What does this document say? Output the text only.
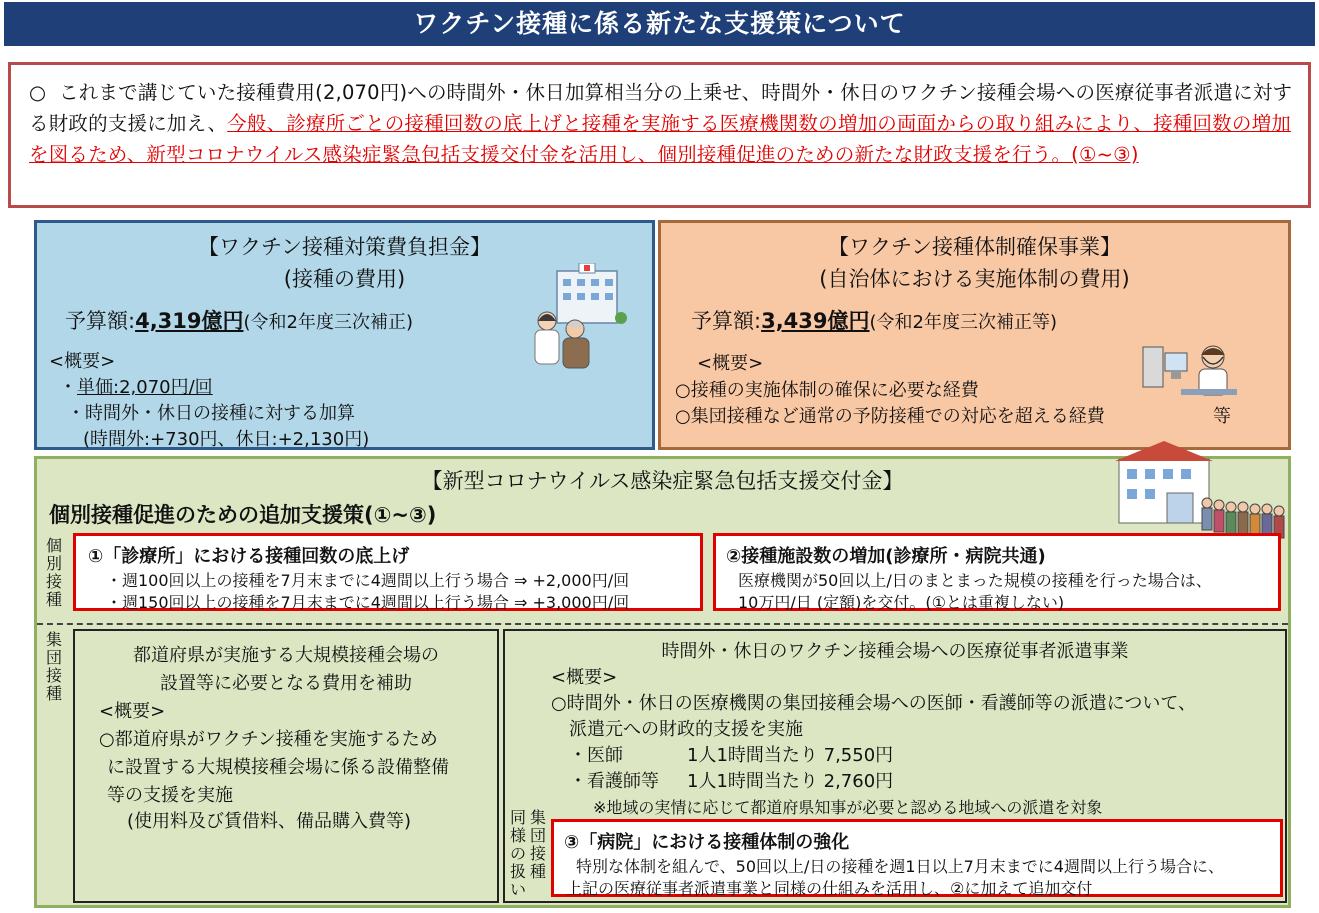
ワクチン接種に係る新たな支援策について

○ これまで講じていた接種費用(2,070円)への時間外・休日加算相当分の上乗せ、時間外・休日のワクチン接種会場への医療従事者派遣に対する財政的支援に加え、今般、診療所ごとの接種回数の底上げと接種を実施する医療機関数の増加の両面からの取り組みにより、接種回数の増加を図るため、新型コロナウイルス感染症緊急包括支援交付金を活用し、個別接種促進のための新たな財政支援を行う。(①~③)

【ワクチン接種対策費負担金】
(接種の費用)
予算額:4,319億円(令和2年度三次補正)
<概要>
・単価:2,070円/回
・時間外・休日の接種に対する加算
(時間外:+730円、休日:+2,130円)
【ワクチン接種体制確保事業】
(自治体における実施体制の費用)
予算額:3,439億円(令和2年度三次補正等)
<概要>
○接種の実施体制の確保に必要な経費
○集団接種など通常の予防接種での対応を超える経費	等
【新型コロナウイルス感染症緊急包括支援交付金】
個別接種促進のための追加支援策(①~③)
個別接種
①「診療所」における接種回数の底上げ
・週100回以上の接種を7月末までに4週間以上行う場合 ⇒ +2,000円/回
・週150回以上の接種を7月末までに4週間以上行う場合 ⇒ +3,000円/回
②接種施設数の増加(診療所・病院共通)
医療機関が50回以上/日のまとまった規模の接種を行った場合は、
10万円/日 (定額)を交付。(①とは重複しない)
集団接種
都道府県が実施する大規模接種会場の
設置等に必要となる費用を補助
<概要>
○都道府県がワクチン接種を実施するため
に設置する大規模接種会場に係る設備整備
等の支援を実施
(使用料及び賃借料、備品購入費等)
時間外・休日のワクチン接種会場への医療従事者派遣事業
<概要>
○時間外・休日の医療機関の集団接種会場への医師・看護師等の派遣について、
派遣元への財政的支援を実施
・医師	1人1時間当たり 7,550円
・看護師等 1人1時間当たり 2,760円
※地域の実情に応じて都道府県知事が必要と認める地域への派遣を対象
同様の扱い
集団接種
③「病院」における接種体制の強化
特別な体制を組んで、50回以上/日の接種を週1日以上7月末までに4週間以上行う場合に、
上記の医療従事者派遣事業と同様の仕組みを活用し、②に加えて追加交付
